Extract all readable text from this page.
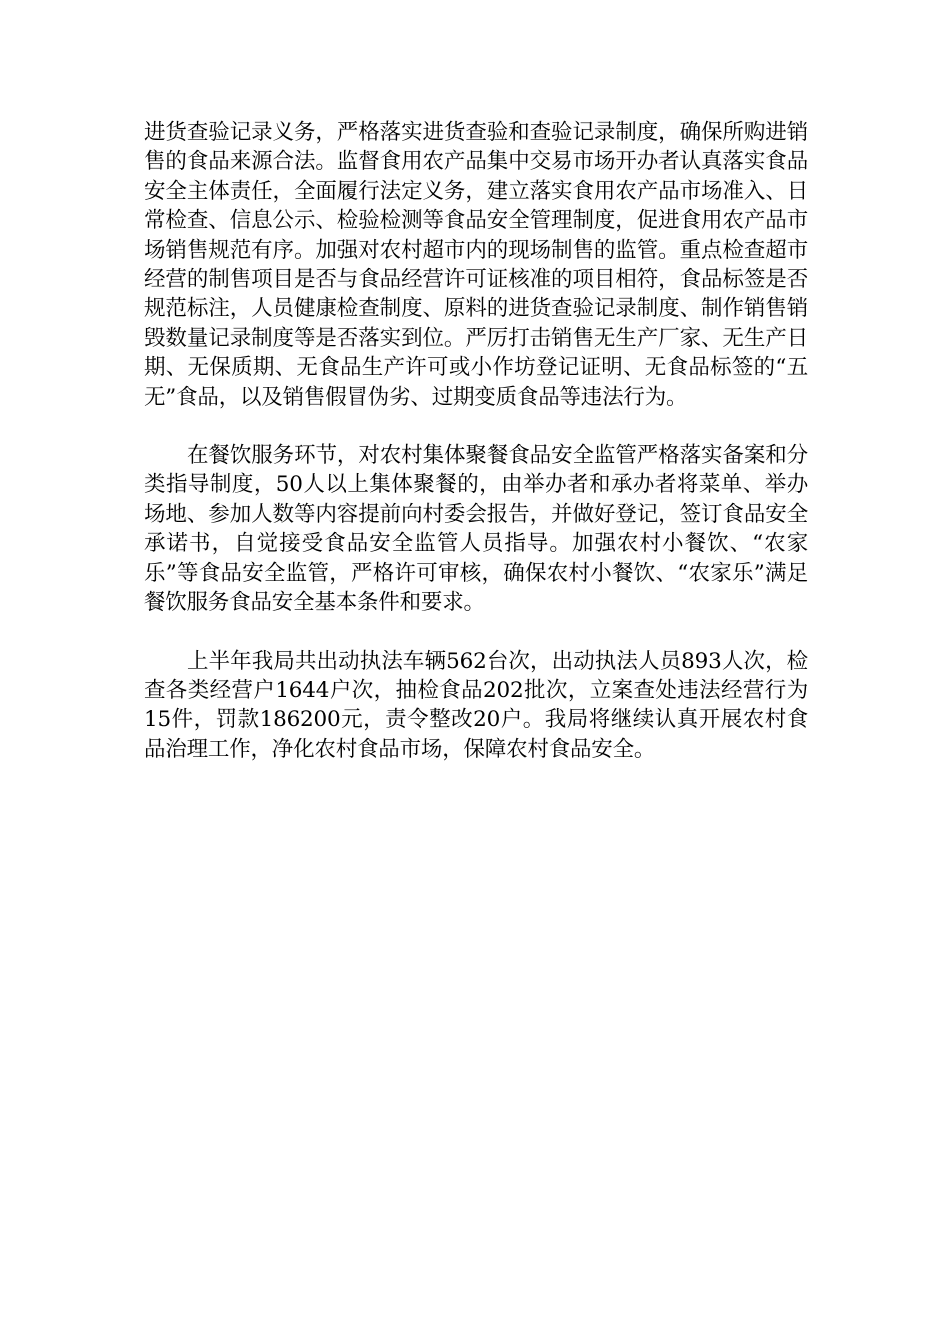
进货查验记录义务，严格落实进货查验和查验记录制度，确保所购进销售的食品来源合法。监督食用农产品集中交易市场开办者认真落实食品安全主体责任，全面履行法定义务，建立落实食用农产品市场准入、日常检查、信息公示、检验检测等食品安全管理制度，促进食用农产品市场销售规范有序。加强对农村超市内的现场制售的监管。重点检查超市经营的制售项目是否与食品经营许可证核准的项目相符，食品标签是否规范标注，人员健康检查制度、原料的进货查验记录制度、制作销售销毁数量记录制度等是否落实到位。严厉打击销售无生产厂家、无生产日期、无保质期、无食品生产许可或小作坊登记证明、无食品标签的“五无”食品，以及销售假冒伪劣、过期变质食品等违法行为。

在餐饮服务环节，对农村集体聚餐食品安全监管严格落实备案和分类指导制度，50人以上集体聚餐的，由举办者和承办者将菜单、举办场地、参加人数等内容提前向村委会报告，并做好登记，签订食品安全承诺书，自觉接受食品安全监管人员指导。加强农村小餐饮、“农家乐”等食品安全监管，严格许可审核，确保农村小餐饮、“农家乐”满足餐饮服务食品安全基本条件和要求。

上半年我局共出动执法车辆562台次，出动执法人员893人次，检查各类经营户1644户次，抽检食品202批次，立案查处违法经营行为15件，罚款186200元，责令整改20户。我局将继续认真开展农村食品治理工作，净化农村食品市场，保障农村食品安全。
